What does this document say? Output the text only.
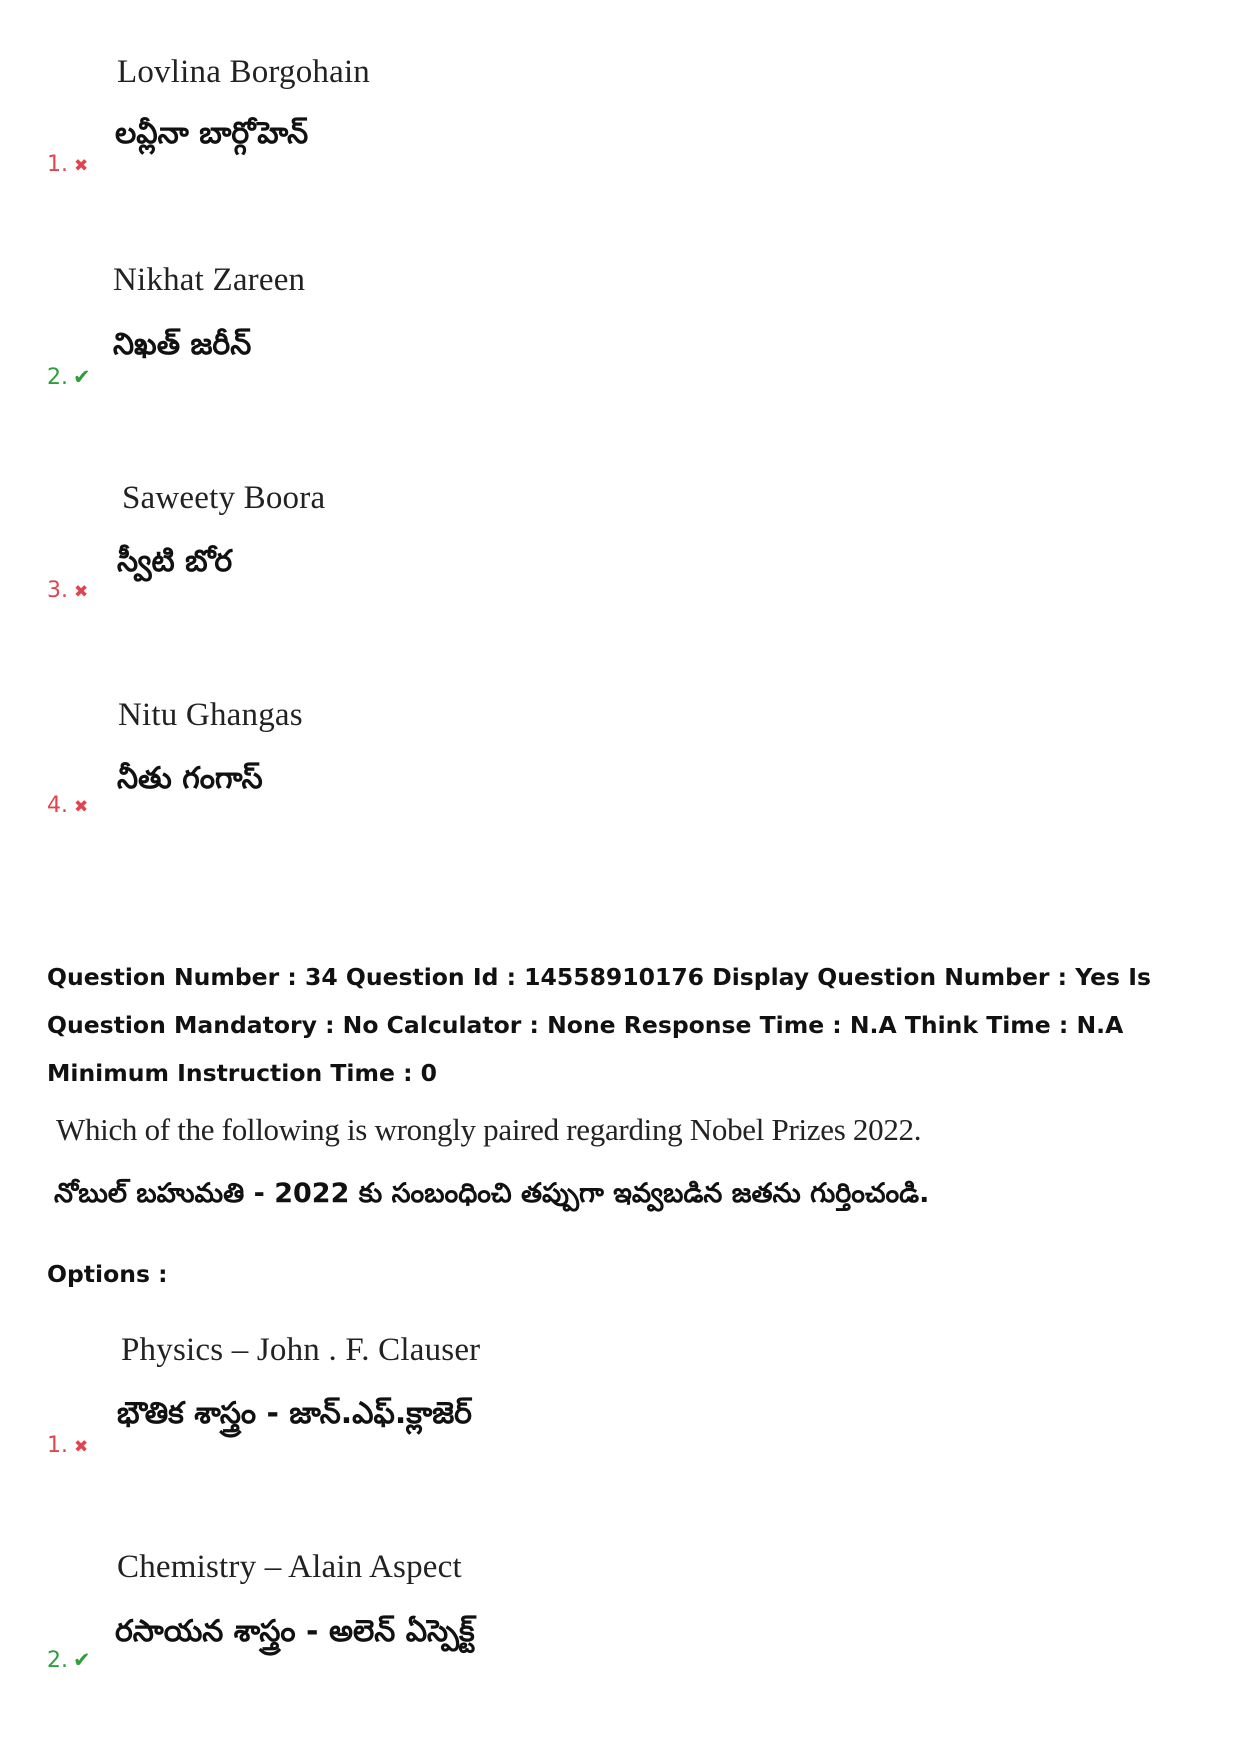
Lovlina Borgohain
లవ్లీనా బార్గోహెన్
1. ✖
Nikhat Zareen
నిఖత్ జరీన్
2. ✔
Saweety Boora
స్వీటి బోర
3. ✖
Nitu Ghangas
నీతు గంగాస్
4. ✖
Question Number : 34 Question Id : 14558910176 Display Question Number : Yes Is Question Mandatory : No Calculator : None Response Time : N.A Think Time : N.A Minimum Instruction Time : 0
Which of the following is wrongly paired regarding Nobel Prizes 2022.
నోబుల్ బహుమతి - 2022 కు సంబంధించి తప్పుగా ఇవ్వబడిన జతను గుర్తించండి.
Options :
Physics – John . F. Clauser
భౌతిక శాస్త్రం - జాన్.ఎఫ్.క్లాజెర్
1. ✖
Chemistry – Alain Aspect
రసాయన శాస్త్రం - అలెన్ ఏస్పెక్ట్
2. ✔
